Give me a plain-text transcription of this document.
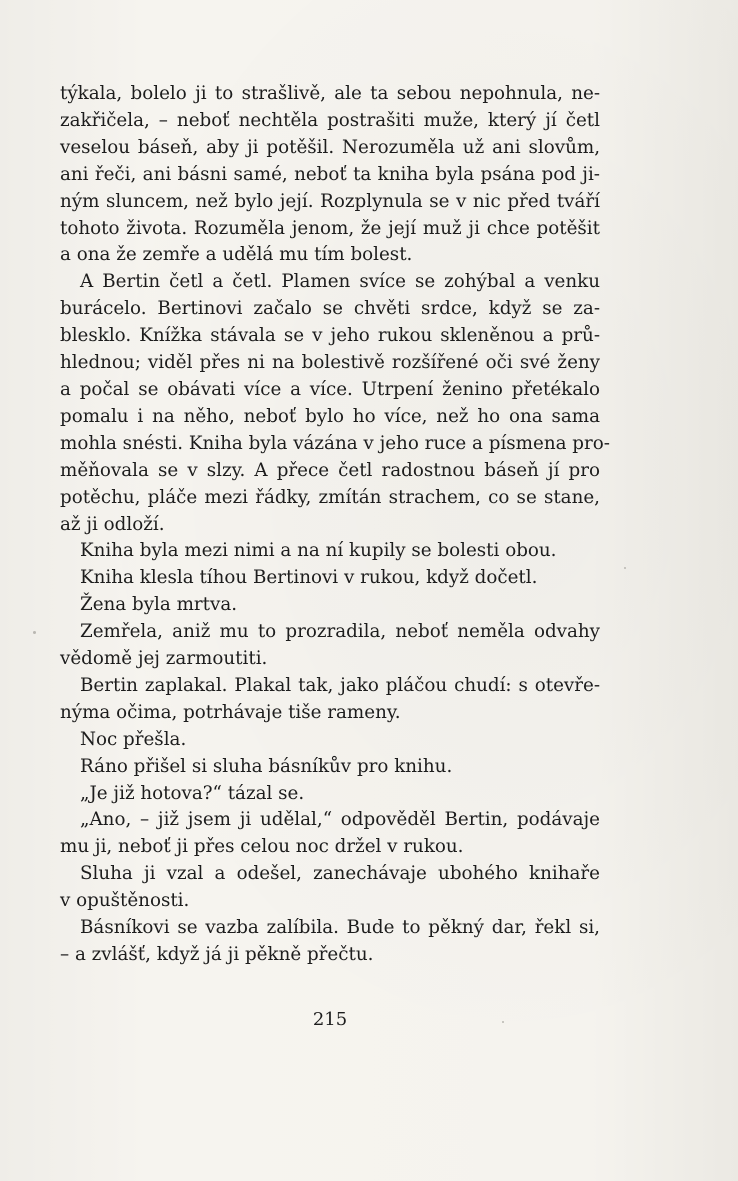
týkala, bolelo ji to strašlivě, ale ta sebou nepohnula, ne-
zakřičela, – neboť nechtěla postrašiti muže, který jí četl
veselou báseň, aby ji potěšil. Nerozuměla už ani slovům,
ani řeči, ani básni samé, neboť ta kniha byla psána pod ji-
ným sluncem, než bylo její. Rozplynula se v nic před tváří
tohoto života. Rozuměla jenom, že její muž ji chce potěšit
a ona že zemře a udělá mu tím bolest.
A Bertin četl a četl. Plamen svíce se zohýbal a venku
burácelo. Bertinovi začalo se chvěti srdce, když se za-
blesklo. Knížka stávala se v jeho rukou skleněnou a prů-
hlednou; viděl přes ni na bolestivě rozšířené oči své ženy
a počal se obávati více a více. Utrpení ženino přetékalo
pomalu i na něho, neboť bylo ho více, než ho ona sama
mohla snésti. Kniha byla vázána v jeho ruce a písmena pro-
měňovala se v slzy. A přece četl radostnou báseň jí pro
potěchu, pláče mezi řádky, zmítán strachem, co se stane,
až ji odloží.
Kniha byla mezi nimi a na ní kupily se bolesti obou.
Kniha klesla tíhou Bertinovi v rukou, když dočetl.
Žena byla mrtva.
Zemřela, aniž mu to prozradila, neboť neměla odvahy
vědomě jej zarmoutiti.
Bertin zaplakal. Plakal tak, jako pláčou chudí: s otevře-
nýma očima, potrhávaje tiše rameny.
Noc přešla.
Ráno přišel si sluha básníkův pro knihu.
„Je již hotova?“ tázal se.
„Ano, – již jsem ji udělal,“ odpověděl Bertin, podávaje
mu ji, neboť ji přes celou noc držel v rukou.
Sluha ji vzal a odešel, zanechávaje ubohého knihaře
v opuštěnosti.
Básníkovi se vazba zalíbila. Bude to pěkný dar, řekl si,
– a zvlášť, když já ji pěkně přečtu.
215
